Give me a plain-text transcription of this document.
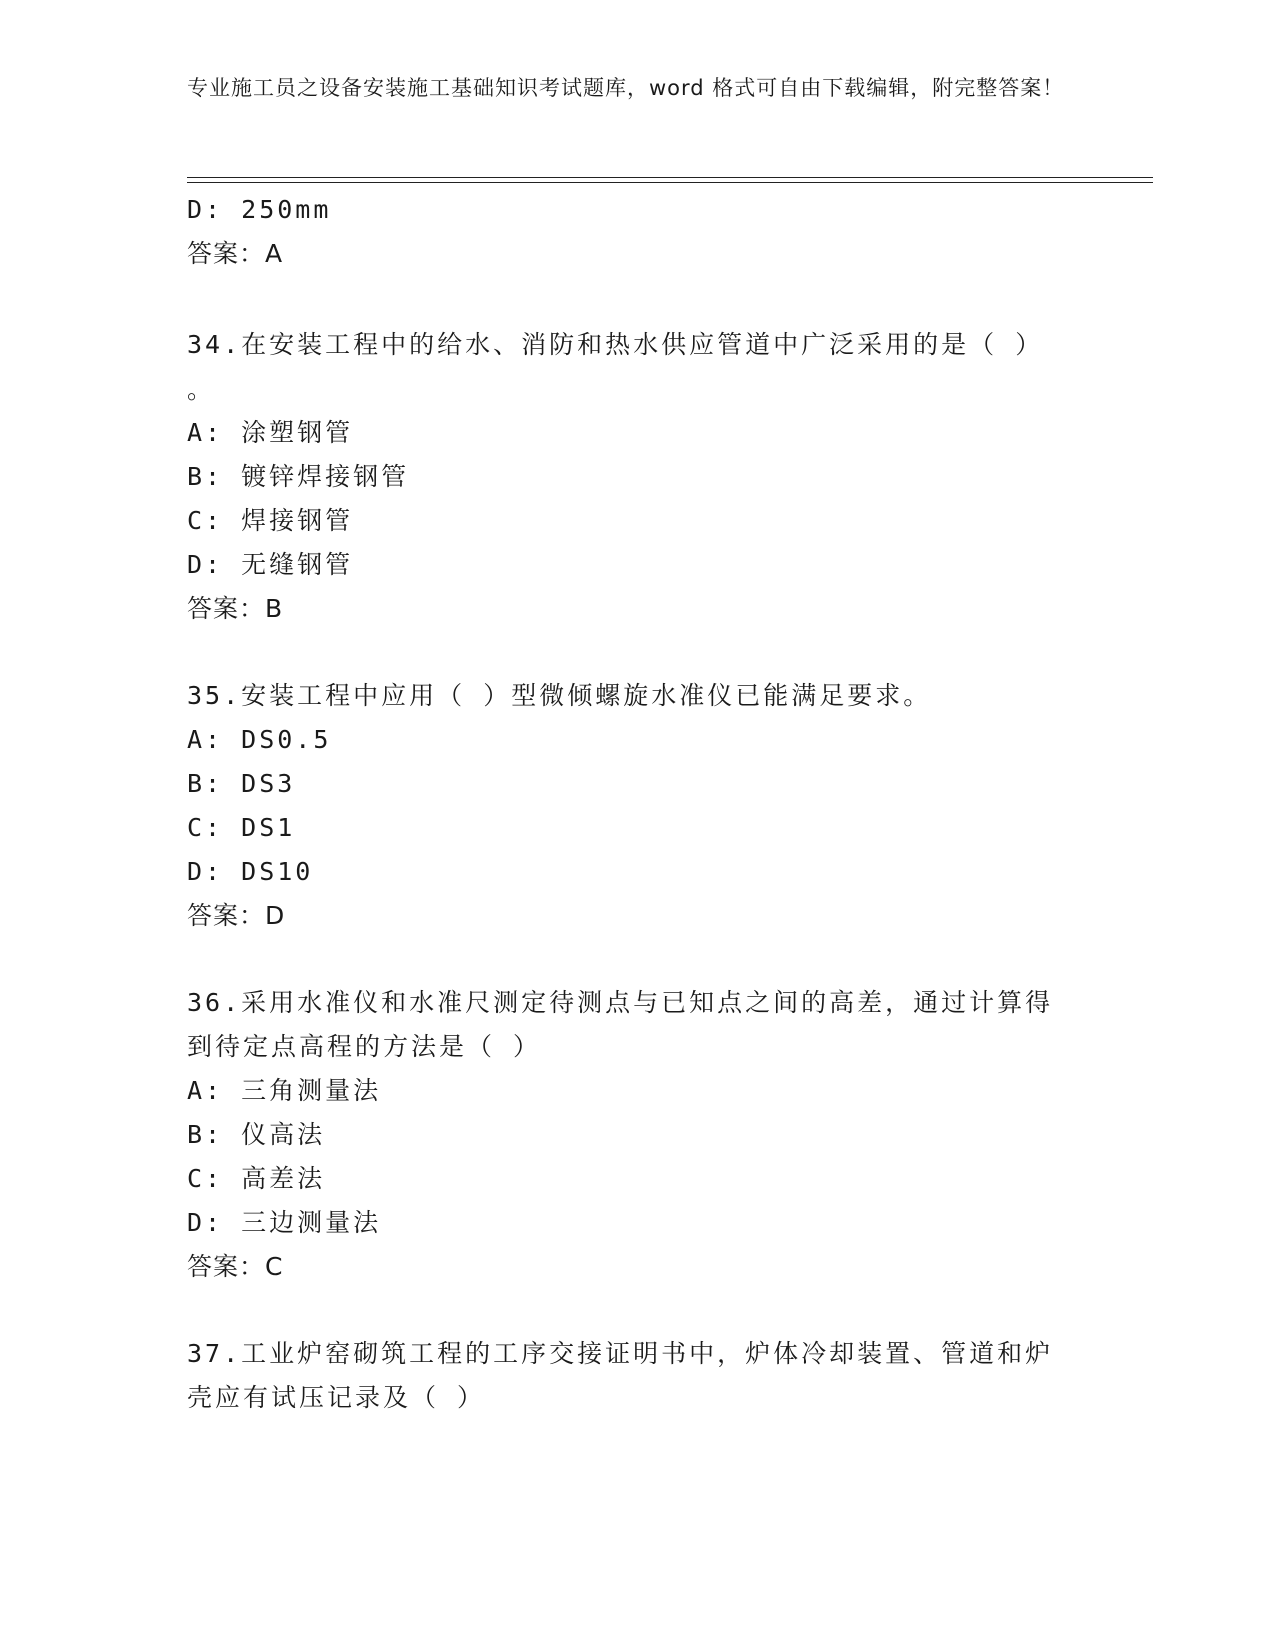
专业施工员之设备安装施工基础知识考试题库，word 格式可自由下载编辑，附完整答案！
D: 250mm
答案：A
34.在安装工程中的给水、消防和热水供应管道中广泛采用的是（ ）
。
A: 涂塑钢管
B: 镀锌焊接钢管
C: 焊接钢管
D: 无缝钢管
答案：B
35.安装工程中应用（ ）型微倾螺旋水准仪已能满足要求。
A: DS0.5
B: DS3
C: DS1
D: DS10
答案：D
36.采用水准仪和水准尺测定待测点与已知点之间的高差，通过计算得
到待定点高程的方法是（ ）
A: 三角测量法
B: 仪高法
C: 高差法
D: 三边测量法
答案：C
37.工业炉窑砌筑工程的工序交接证明书中，炉体冷却装置、管道和炉
壳应有试压记录及（ ）
